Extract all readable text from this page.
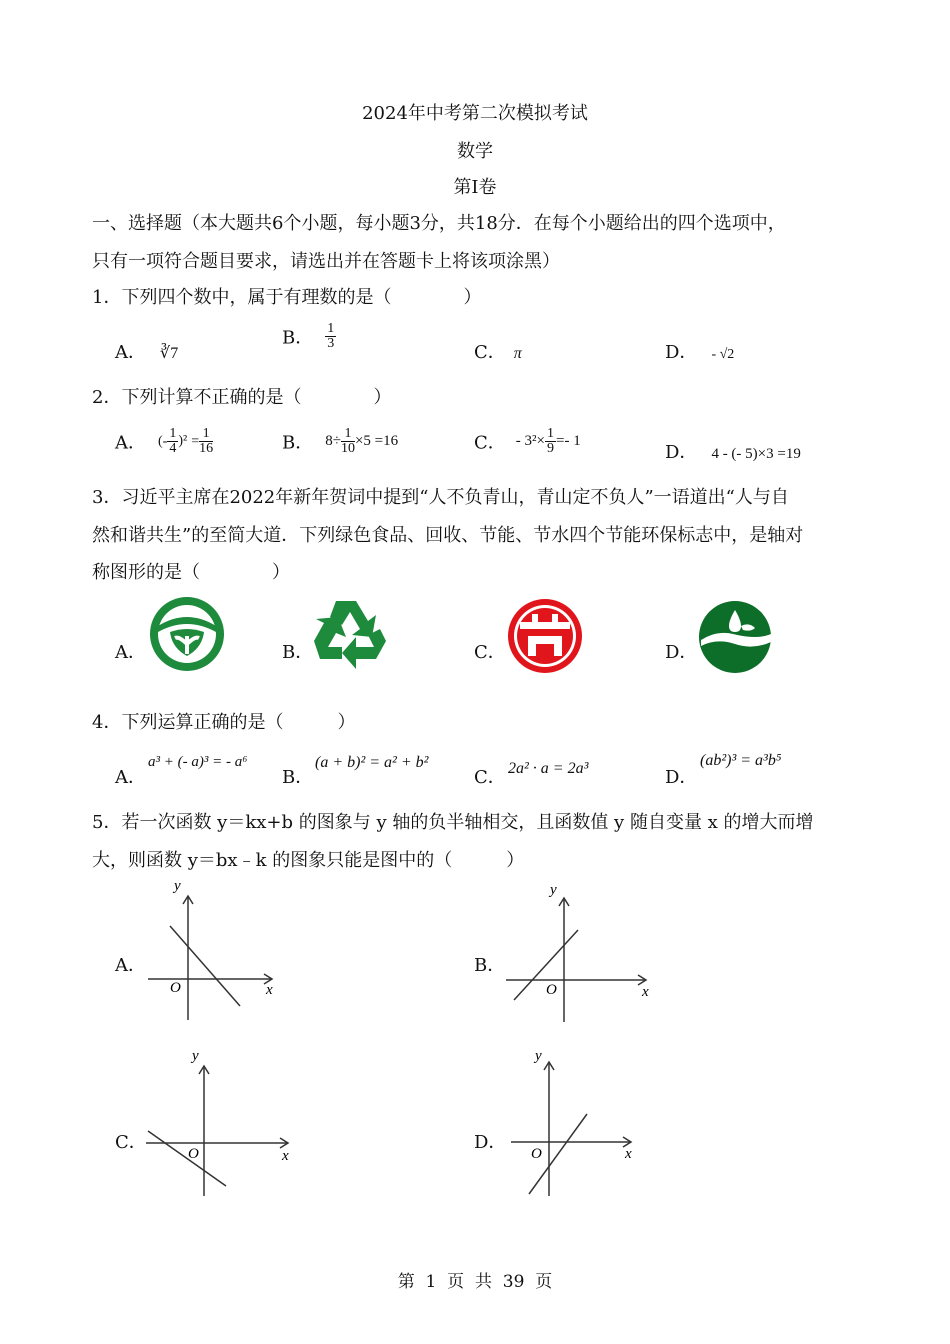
2024年中考第二次模拟考试
数学
第Ⅰ卷
一、选择题（本大题共6个小题，每小题3分，共18分．在每个小题给出的四个选项中，
只有一项符合题目要求，请选出并在答题卡上将该项涂黑）
1．下列四个数中，属于有理数的是（　　　　）
A． ∛7
B． $\frac{1}{3}$
C． π	D． - √2
2．下列计算不正确的是（　　　　）
A． (- $\frac{1}{4} )^2 = \frac{1}{16}$	B． $8\div \frac{1}{10} \times 5 =16$	C． - $3^2\times \frac{1}{9} =- 1$
D． 4 - (- 5)×3 =19
3．习近平主席在2022年新年贺词中提到“人不负青山，青山定不负人”一语道出“人与自
然和谐共生”的至简大道．下列绿色食品、回收、节能、节水四个节能环保标志中，是轴对
称图形的是（　　　　）
A．	B．	C．	D．
4．下列运算正确的是（　　　）
A．
a³ + (- a)³ = - a⁶
B．
(a + b)² = a² + b²
C． 2a² · a = 2a³	D．
(ab²)³ = a³b⁵
5．若一次函数 y＝kx+b 的图象与 y 轴的负半轴相交，且函数值 y 随自变量 x 的增大而增
大，则函数 y＝bx﹣k 的图象只能是图中的（　　　）
A．	B．
C．	D．
y
x
O
y
x
O
y
x
O
y
x
O
第  1  页  共  39  页
